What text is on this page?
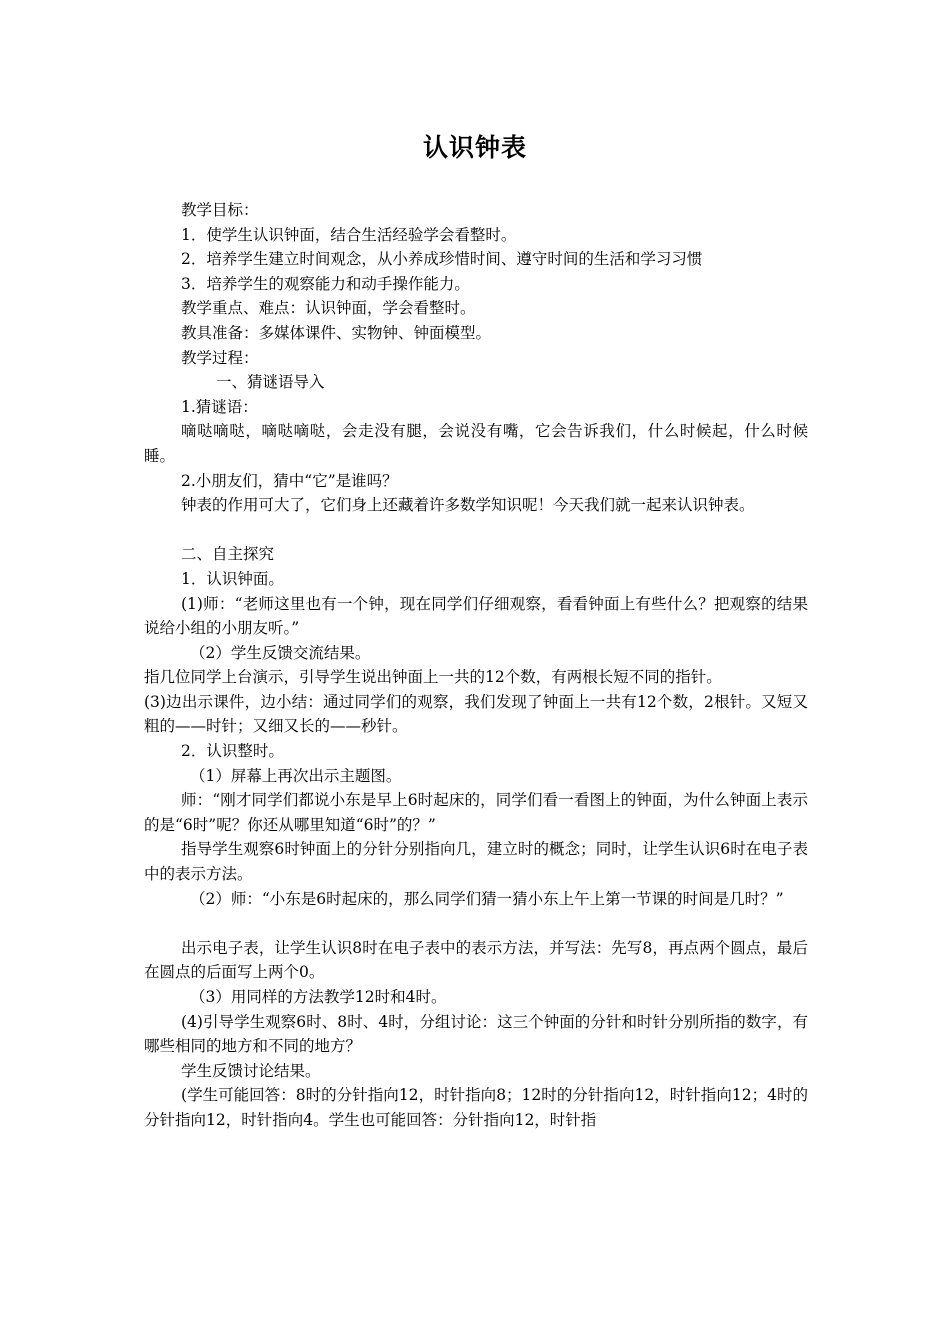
认识钟表

教学目标：

1．使学生认识钟面，结合生活经验学会看整时。

2．培养学生建立时间观念，从小养成珍惜时间、遵守时间的生活和学习习惯

3．培养学生的观察能力和动手操作能力。

教学重点、难点：认识钟面，学会看整时。

教具准备：多媒体课件、实物钟、钟面模型。

教学过程：

一、猜谜语导入

1.猜谜语：

嘀哒嘀哒，嘀哒嘀哒，会走没有腿，会说没有嘴，它会告诉我们，什么时候起，什么时候睡。

2.小朋友们，猜中“它”是谁吗？

钟表的作用可大了，它们身上还藏着许多数学知识呢！今天我们就一起来认识钟表。

二、自主探究

1．认识钟面。

(1)师：“老师这里也有一个钟，现在同学们仔细观察，看看钟面上有些什么？把观察的结果说给小组的小朋友听。”

（2）学生反馈交流结果。

指几位同学上台演示，引导学生说出钟面上一共的12个数，有两根长短不同的指针。

(3)边出示课件，边小结：通过同学们的观察，我们发现了钟面上一共有12个数，2根针。又短又粗的——时针；又细又长的——秒针。

2．认识整时。

（1）屏幕上再次出示主题图。

师：“刚才同学们都说小东是早上6时起床的，同学们看一看图上的钟面，为什么钟面上表示的是“6时”呢？你还从哪里知道“6时”的？”

指导学生观察6时钟面上的分针分别指向几，建立时的概念；同时，让学生认识6时在电子表中的表示方法。

（2）师：“小东是6时起床的，那么同学们猜一猜小东上午上第一节课的时间是几时？”

出示电子表，让学生认识8时在电子表中的表示方法，并写法：先写8，再点两个圆点，最后在圆点的后面写上两个0。

（3）用同样的方法教学12时和4时。

(4)引导学生观察6时、8时、4时，分组讨论：这三个钟面的分针和时针分别所指的数字，有哪些相同的地方和不同的地方？

学生反馈讨论结果。

(学生可能回答：8时的分针指向12，时针指向8；12时的分针指向12，时针指向12；4时的分针指向12，时针指向4。学生也可能回答：分针指向12，时针指
